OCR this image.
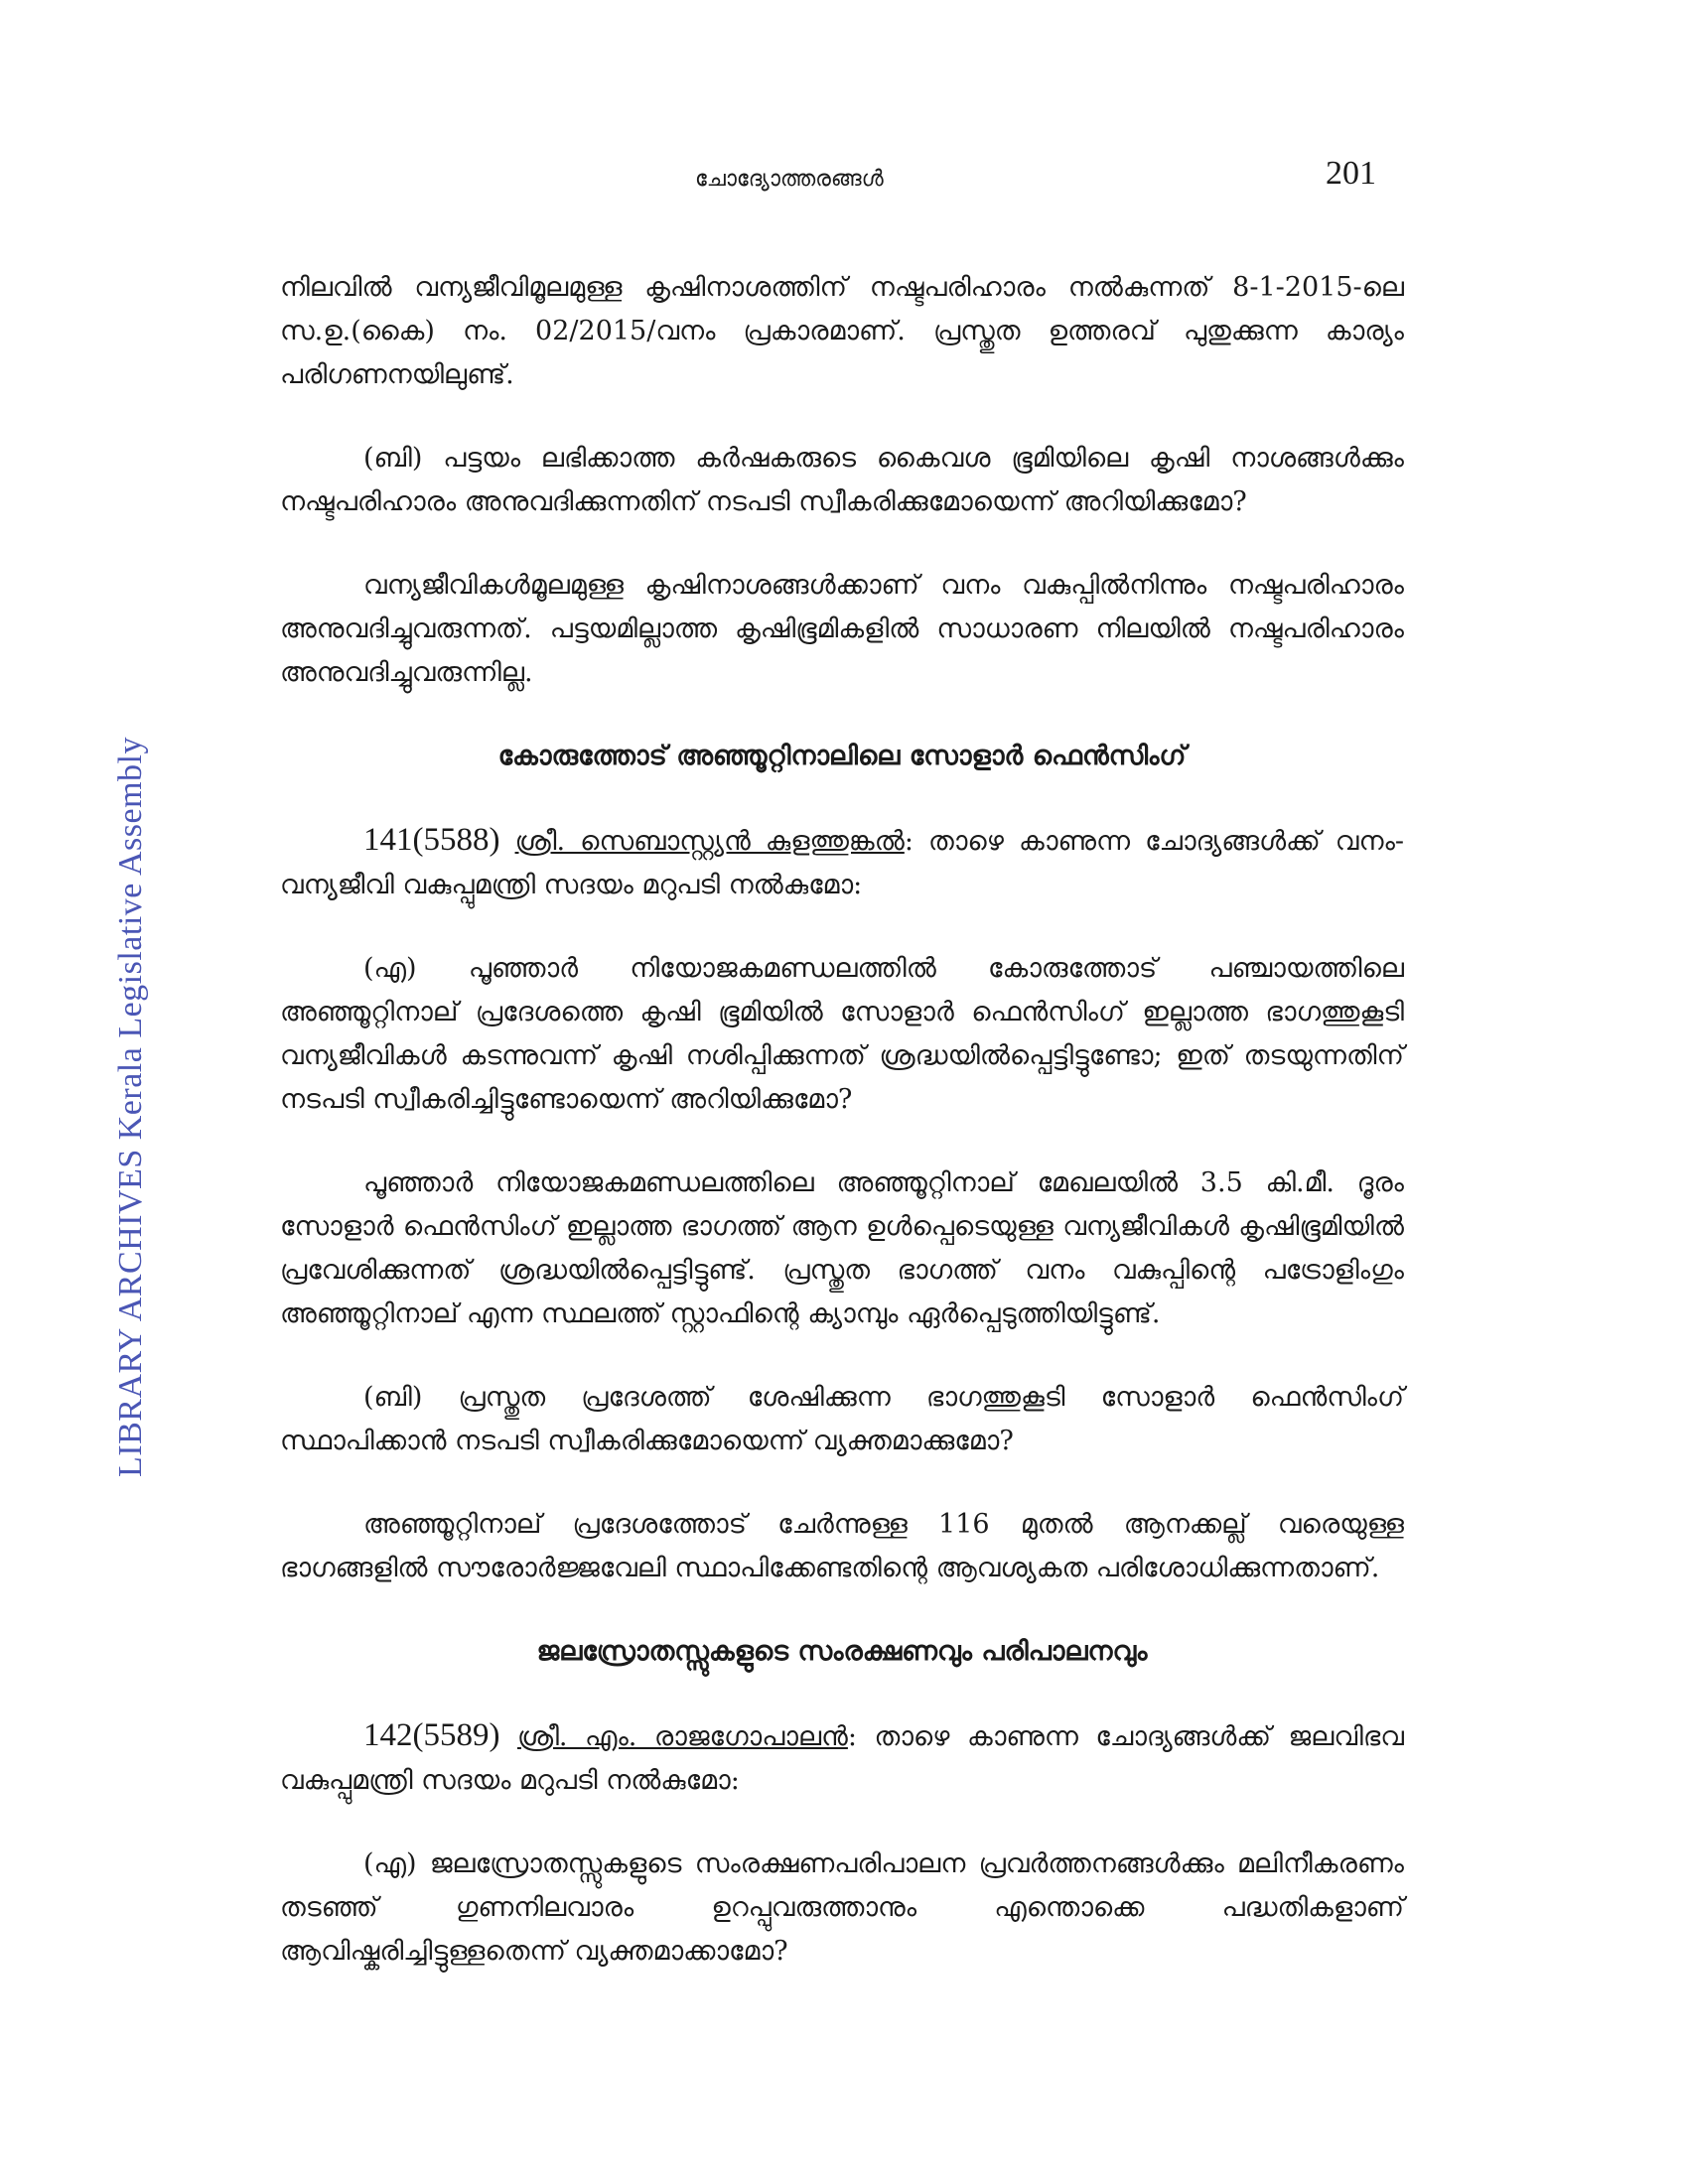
ചോദ്യോത്തരങ്ങൾ	201
LIBRARY ARCHIVES Kerala Legislative Assembly

നിലവിൽ വന്യജീവിമൂലമുള്ള കൃഷിനാശത്തിന് നഷ്ടപരിഹാരം നൽകുന്നത് 8-1-2015-ലെ സ.ഉ.(കൈ) നം. 02/2015/വനം പ്രകാരമാണ്. പ്രസ്തുത ഉത്തരവ് പുതുക്കുന്ന കാര്യം പരിഗണനയിലുണ്ട്.

(ബി) പട്ടയം ലഭിക്കാത്ത കർഷകരുടെ കൈവശ ഭൂമിയിലെ കൃഷി നാശങ്ങൾക്കും നഷ്ടപരിഹാരം അനുവദിക്കുന്നതിന് നടപടി സ്വീകരിക്കുമോയെന്ന് അറിയിക്കുമോ?

വന്യജീവികൾമൂലമുള്ള കൃഷിനാശങ്ങൾക്കാണ് വനം വകുപ്പിൽനിന്നും നഷ്ടപരിഹാരം അനുവദിച്ചുവരുന്നത്. പട്ടയമില്ലാത്ത കൃഷിഭൂമികളിൽ സാധാരണ നിലയിൽ നഷ്ടപരിഹാരം അനുവദിച്ചുവരുന്നില്ല.

കോരുത്തോട് അഞ്ഞൂറ്റിനാലിലെ സോളാർ ഫെൻസിംഗ്

141(5588) ശ്രീ. സെബാസ്റ്റ്യൻ കുളത്തുങ്കൽ: താഴെ കാണുന്ന ചോദ്യങ്ങൾക്ക് വനം-വന്യജീവി വകുപ്പുമന്ത്രി സദയം മറുപടി നൽകുമോ:

(എ) പൂഞ്ഞാർ നിയോജകമണ്ഡലത്തിൽ കോരുത്തോട് പഞ്ചായത്തിലെ അഞ്ഞൂറ്റിനാല് പ്രദേശത്തെ കൃഷി ഭൂമിയിൽ സോളാർ ഫെൻസിംഗ് ഇല്ലാത്ത ഭാഗത്തുകൂടി വന്യജീവികൾ കടന്നുവന്ന് കൃഷി നശിപ്പിക്കുന്നത് ശ്രദ്ധയിൽപ്പെട്ടിട്ടുണ്ടോ; ഇത് തടയുന്നതിന് നടപടി സ്വീകരിച്ചിട്ടുണ്ടോയെന്ന് അറിയിക്കുമോ?

പൂഞ്ഞാർ നിയോജകമണ്ഡലത്തിലെ അഞ്ഞൂറ്റിനാല് മേഖലയിൽ 3.5 കി.മീ. ദൂരം സോളാർ ഫെൻസിംഗ് ഇല്ലാത്ത ഭാഗത്ത് ആന ഉൾപ്പെടെയുള്ള വന്യജീവികൾ കൃഷിഭൂമിയിൽ പ്രവേശിക്കുന്നത് ശ്രദ്ധയിൽപ്പെട്ടിട്ടുണ്ട്. പ്രസ്തുത ഭാഗത്ത് വനം വകുപ്പിന്റെ പട്രോളിംഗും അഞ്ഞൂറ്റിനാല് എന്ന സ്ഥലത്ത് സ്റ്റാഫിന്റെ ക്യാമ്പും ഏർപ്പെടുത്തിയിട്ടുണ്ട്.

(ബി) പ്രസ്തുത പ്രദേശത്ത് ശേഷിക്കുന്ന ഭാഗത്തുകൂടി സോളാർ ഫെൻസിംഗ് സ്ഥാപിക്കാൻ നടപടി സ്വീകരിക്കുമോയെന്ന് വ്യക്തമാക്കുമോ?

അഞ്ഞൂറ്റിനാല് പ്രദേശത്തോട് ചേർന്നുള്ള 116 മുതൽ ആനക്കല്ല് വരെയുള്ള ഭാഗങ്ങളിൽ സൗരോർജ്ജവേലി സ്ഥാപിക്കേണ്ടതിന്റെ ആവശ്യകത പരിശോധിക്കുന്നതാണ്.

ജലസ്രോതസ്സുകളുടെ സംരക്ഷണവും പരിപാലനവും

142(5589) ശ്രീ. എം. രാജഗോപാലൻ: താഴെ കാണുന്ന ചോദ്യങ്ങൾക്ക് ജലവിഭവ വകുപ്പുമന്ത്രി സദയം മറുപടി നൽകുമോ:

(എ) ജലസ്രോതസ്സുകളുടെ സംരക്ഷണപരിപാലന പ്രവർത്തനങ്ങൾക്കും മലിനീകരണം തടഞ്ഞ് ഗുണനിലവാരം ഉറപ്പുവരുത്താനും എന്തൊക്കെ പദ്ധതികളാണ് ആവിഷ്കരിച്ചിട്ടുള്ളതെന്ന് വ്യക്തമാക്കാമോ?
